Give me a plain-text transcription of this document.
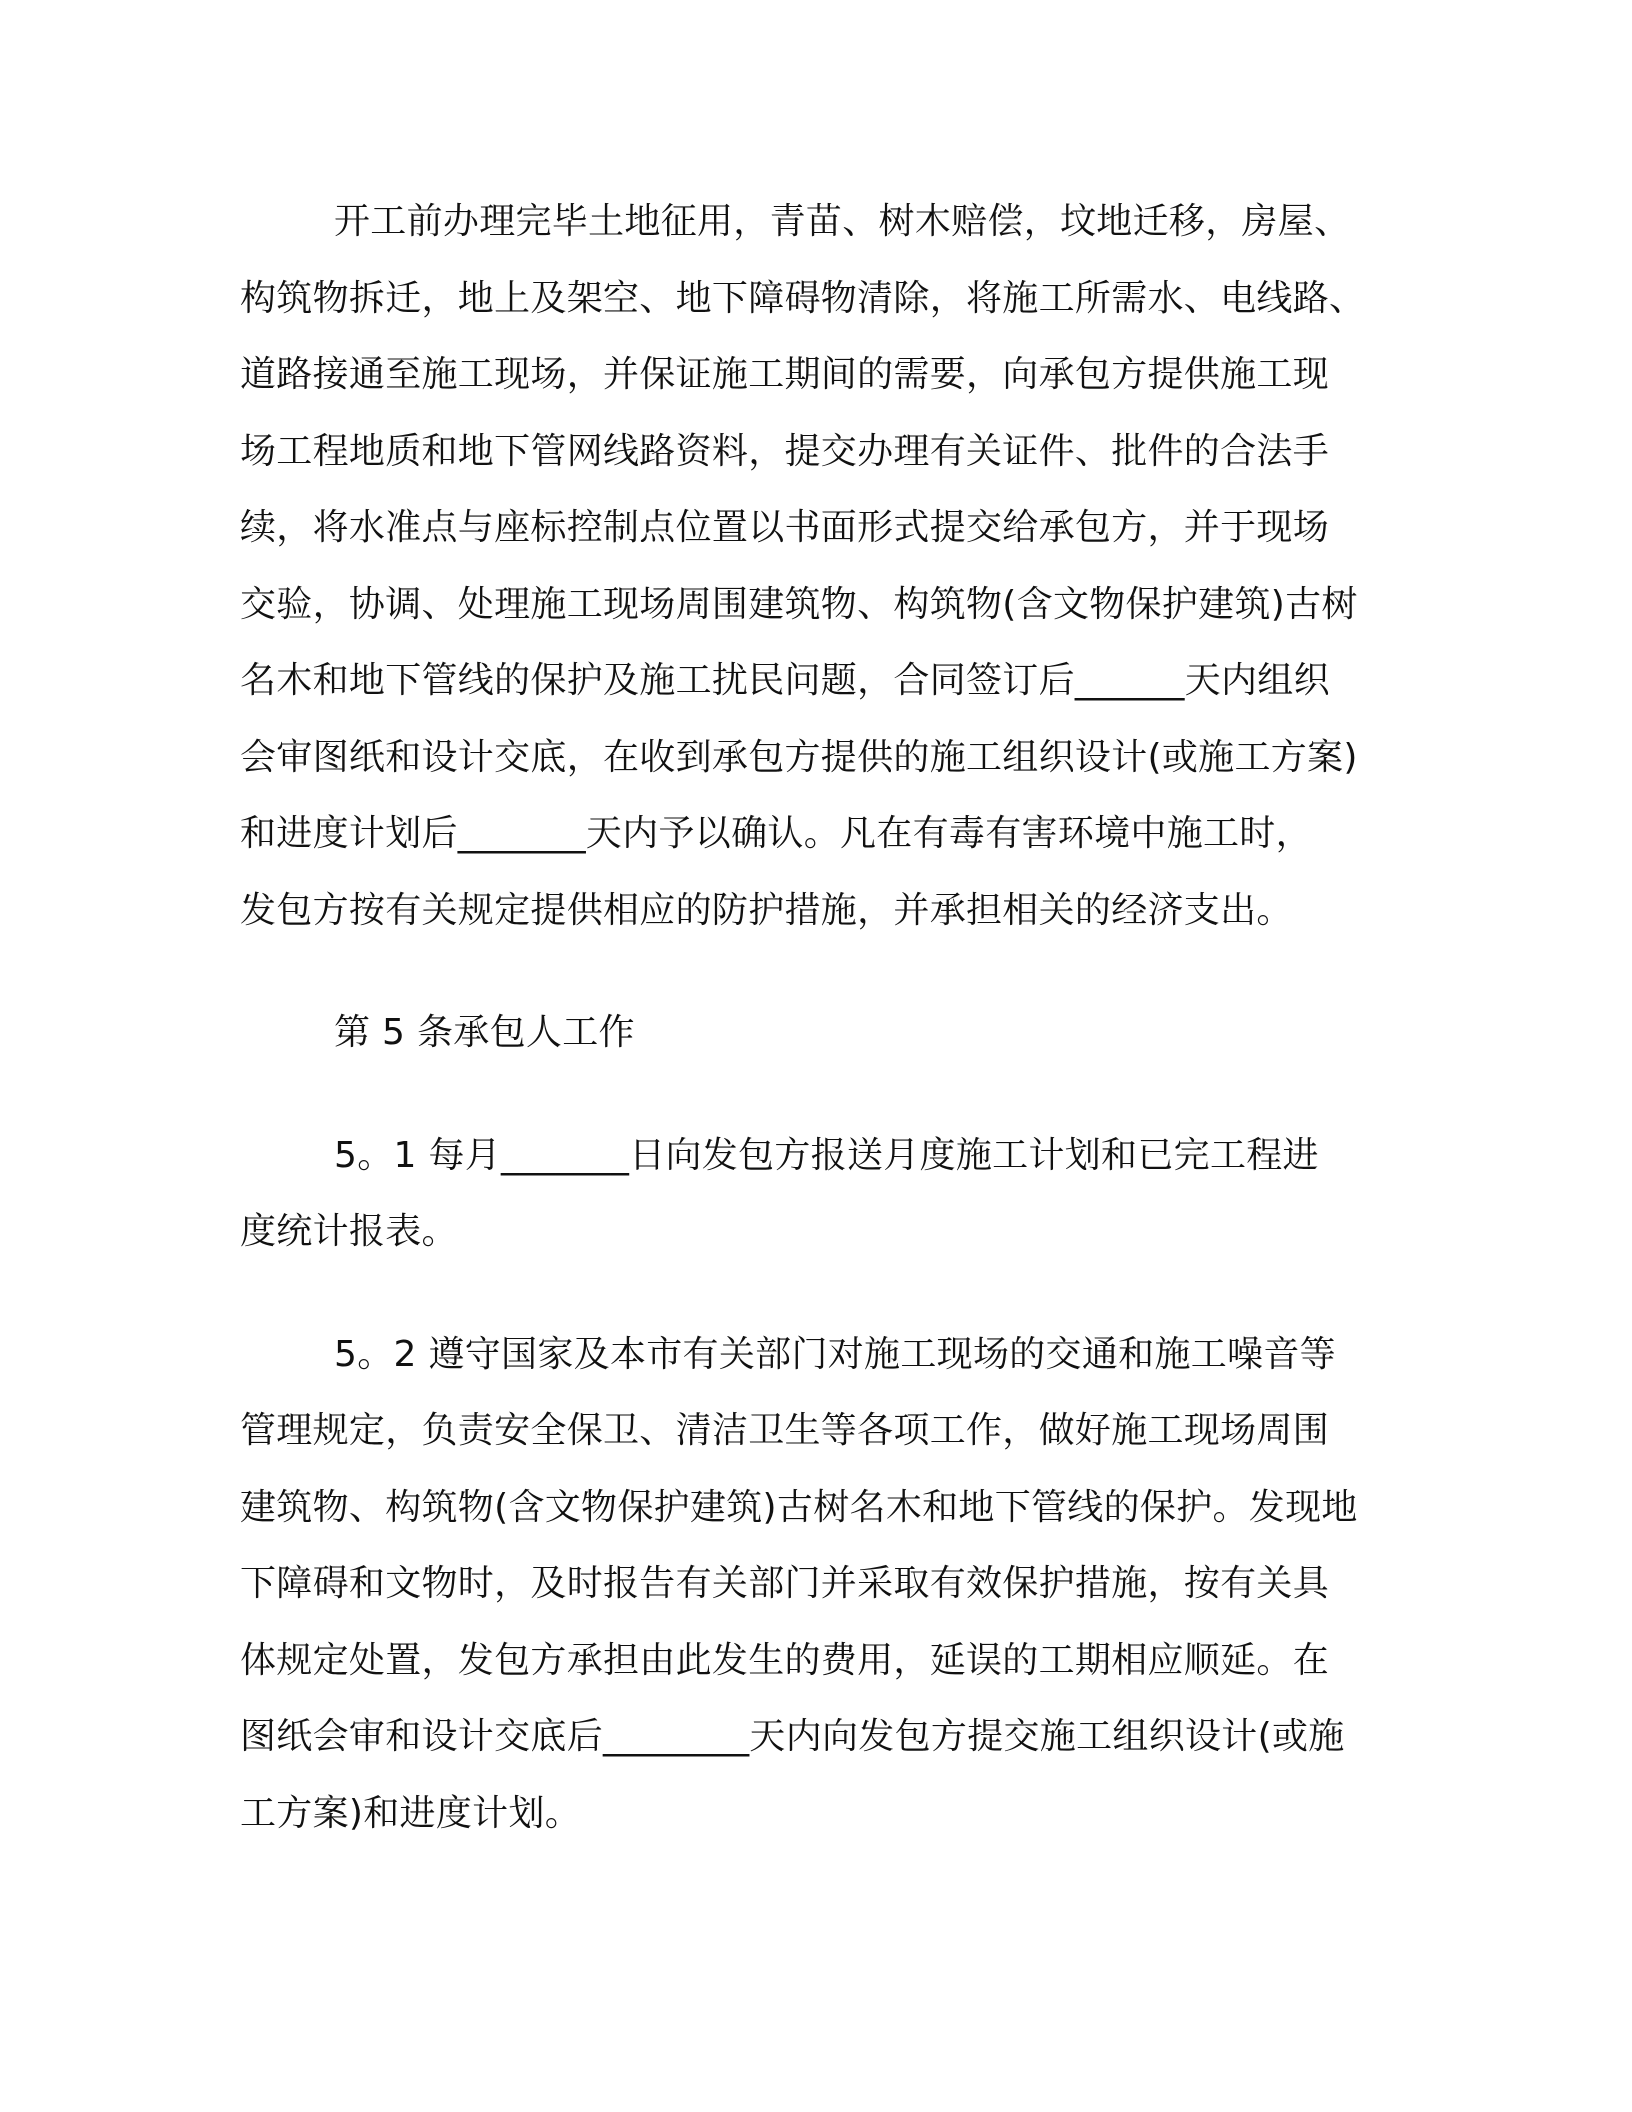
开工前办理完毕土地征用，青苗、树木赔偿，坟地迁移，房屋、
构筑物拆迁，地上及架空、地下障碍物清除，将施工所需水、电线路、
道路接通至施工现场，并保证施工期间的需要，向承包方提供施工现
场工程地质和地下管网线路资料，提交办理有关证件、批件的合法手
续，将水准点与座标控制点位置以书面形式提交给承包方，并于现场
交验，协调、处理施工现场周围建筑物、构筑物(含文物保护建筑)古树
名木和地下管线的保护及施工扰民问题，合同签订后______天内组织
会审图纸和设计交底，在收到承包方提供的施工组织设计(或施工方案)
和进度计划后_______天内予以确认。凡在有毒有害环境中施工时，
发包方按有关规定提供相应的防护措施，并承担相关的经济支出。
第 5 条承包人工作
5。1 每月_______日向发包方报送月度施工计划和已完工程进
度统计报表。
5。2 遵守国家及本市有关部门对施工现场的交通和施工噪音等
管理规定，负责安全保卫、清洁卫生等各项工作，做好施工现场周围
建筑物、构筑物(含文物保护建筑)古树名木和地下管线的保护。发现地
下障碍和文物时，及时报告有关部门并采取有效保护措施，按有关具
体规定处置，发包方承担由此发生的费用，延误的工期相应顺延。在
图纸会审和设计交底后________天内向发包方提交施工组织设计(或施
工方案)和进度计划。
